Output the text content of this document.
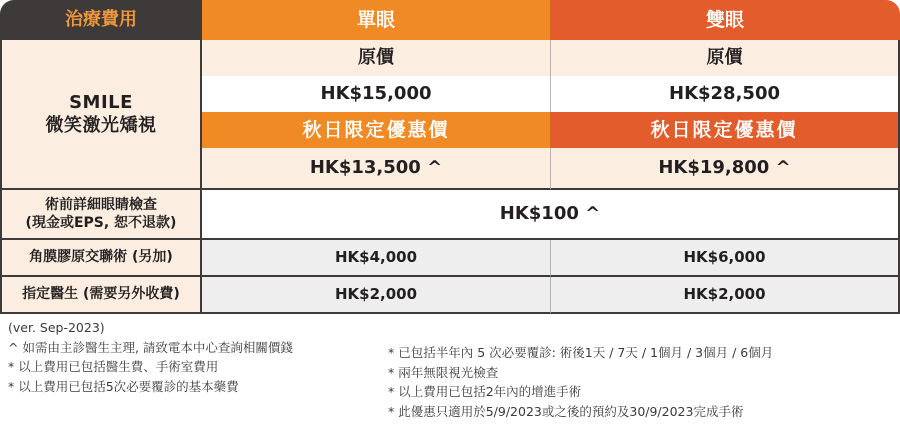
治療費用	單眼	雙眼
SMILE
微笑激光矯視
原價	原價
HK$15,000	HK$28,500
秋日限定優惠價	秋日限定優惠價
HK$13,500 ^	HK$19,800 ^
術前詳細眼睛檢查
(現金或EPS, 恕不退款)	HK$100 ^
角膜膠原交聯術 (另加)	HK$4,000	HK$6,000
指定醫生 (需要另外收費)	HK$2,000	HK$2,000
(ver. Sep-2023)
^ 如需由主診醫生主理, 請致電本中心查詢相關價錢
* 以上費用已包括醫生費、手術室費用
* 以上費用已包括5次必要覆診的基本藥費
* 已包括半年內 5 次必要覆診: 術後1天 / 7天 / 1個月 / 3個月 / 6個月
* 兩年無限視光檢查
* 以上費用已包括2年內的增進手術
* 此優惠只適用於5/9/2023或之後的預約及30/9/2023完成手術
